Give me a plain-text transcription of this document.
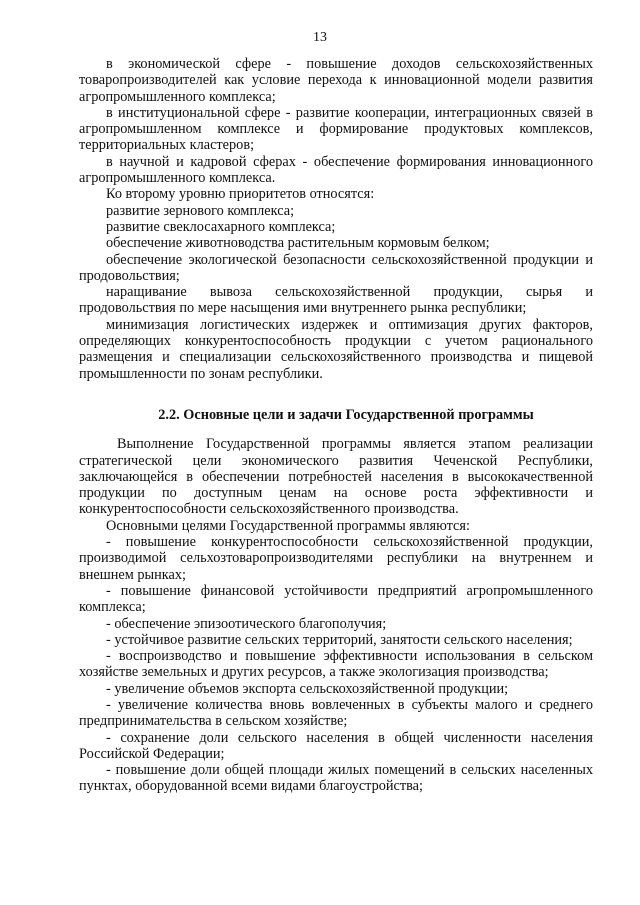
13

в экономической сфере - повышение доходов сельскохозяйственных товаропроизводителей как условие перехода к инновационной модели развития агропромышленного комплекса;

в институциональной сфере - развитие кооперации, интеграционных связей в агропромышленном комплексе и формирование продуктовых комплексов, территориальных кластеров;

в научной и кадровой сферах - обеспечение формирования инновационного агропромышленного комплекса.

Ко второму уровню приоритетов относятся:

развитие зернового комплекса;

развитие свеклосахарного комплекса;

обеспечение животноводства растительным кормовым белком;

обеспечение экологической безопасности сельскохозяйственной продукции и продовольствия;

наращивание вывоза сельскохозяйственной продукции, сырья и продовольствия по мере насыщения ими внутреннего рынка республики;

минимизация логистических издержек и оптимизация других факторов, определяющих конкурентоспособность продукции с учетом рационального размещения и специализации сельскохозяйственного производства и пищевой промышленности по зонам республики.

2.2. Основные цели и задачи Государственной программы

Выполнение Государственной программы является этапом реализации стратегической цели экономического развития Чеченской Республики, заключающейся в обеспечении потребностей населения в высококачественной продукции по доступным ценам на основе роста эффективности и конкурентоспособности сельскохозяйственного производства.

Основными целями Государственной программы являются:

- повышение конкурентоспособности сельскохозяйственной продукции, производимой сельхозтоваропроизводителями республики на внутреннем и внешнем рынках;

- повышение финансовой устойчивости предприятий агропромышленного комплекса;

- обеспечение эпизоотического благополучия;

- устойчивое развитие сельских территорий, занятости сельского населения;

- воспроизводство и повышение эффективности использования в сельском хозяйстве земельных и других ресурсов, а также экологизация производства;

- увеличение объемов экспорта сельскохозяйственной продукции;

- увеличение количества вновь вовлеченных в субъекты малого и среднего предпринимательства в сельском хозяйстве;

- сохранение доли сельского населения в общей численности населения Российской Федерации;

- повышение доли общей площади жилых помещений в сельских населенных пунктах, оборудованной всеми видами благоустройства;
